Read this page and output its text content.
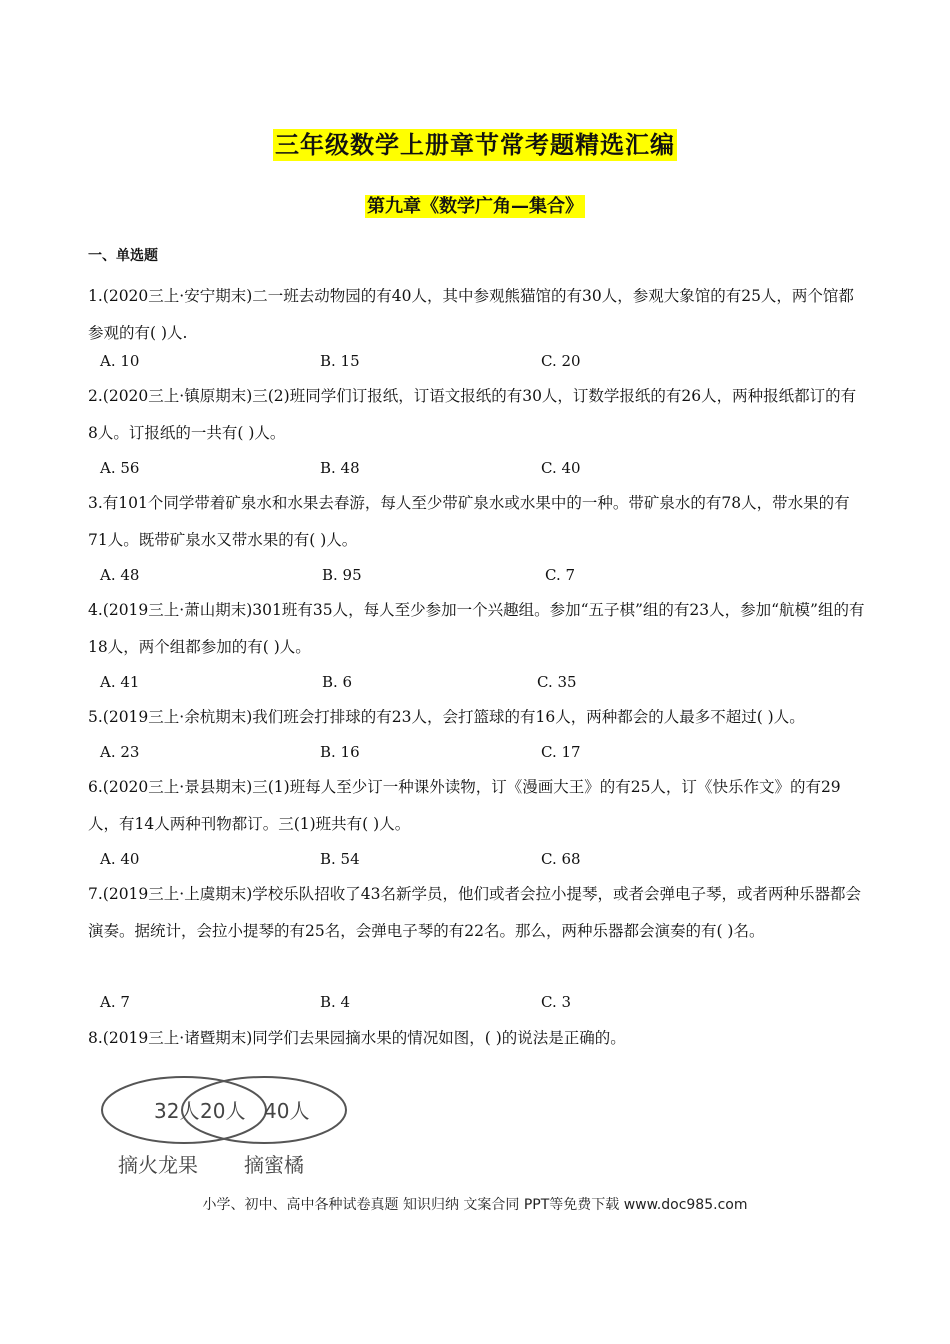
三年级数学上册章节常考题精选汇编
第九章《数学广角—集合》
一、单选题
1.(2020三上·安宁期末)二一班去动物园的有40人，其中参观熊猫馆的有30人，参观大象馆的有25人，两个馆都参观的有( )人.
A. 10	B. 15	C. 20
2.(2020三上·镇原期末)三(2)班同学们订报纸，订语文报纸的有30人，订数学报纸的有26人，两种报纸都订的有8人。订报纸的一共有( )人。
A. 56	B. 48	C. 40
3.有101个同学带着矿泉水和水果去春游，每人至少带矿泉水或水果中的一种。带矿泉水的有78人，带水果的有71人。既带矿泉水又带水果的有( )人。
A. 48	B. 95	C. 7
4.(2019三上·萧山期末)301班有35人，每人至少参加一个兴趣组。参加“五子棋”组的有23人，参加“航模”组的有18人，两个组都参加的有( )人。
A. 41	B. 6	C. 35
5.(2019三上·余杭期末)我们班会打排球的有23人，会打篮球的有16人，两种都会的人最多不超过( )人。
A. 23	B. 16	C. 17
6.(2020三上·景县期末)三(1)班每人至少订一种课外读物，订《漫画大王》的有25人，订《快乐作文》的有29人，有14人两种刊物都订。三(1)班共有( )人。
A. 40	B. 54	C. 68
7.(2019三上·上虞期末)学校乐队招收了43名新学员，他们或者会拉小提琴，或者会弹电子琴，或者两种乐器都会演奏。据统计，会拉小提琴的有25名，会弹电子琴的有22名。那么，两种乐器都会演奏的有( )名。
A. 7	B. 4	C. 3
8.(2019三上·诸暨期末)同学们去果园摘水果的情况如图，( )的说法是正确的。
32人 20人 40人
摘火龙果 摘蜜橘
小学、初中、高中各种试卷真题 知识归纳 文案合同 PPT等免费下载 www.doc985.com
